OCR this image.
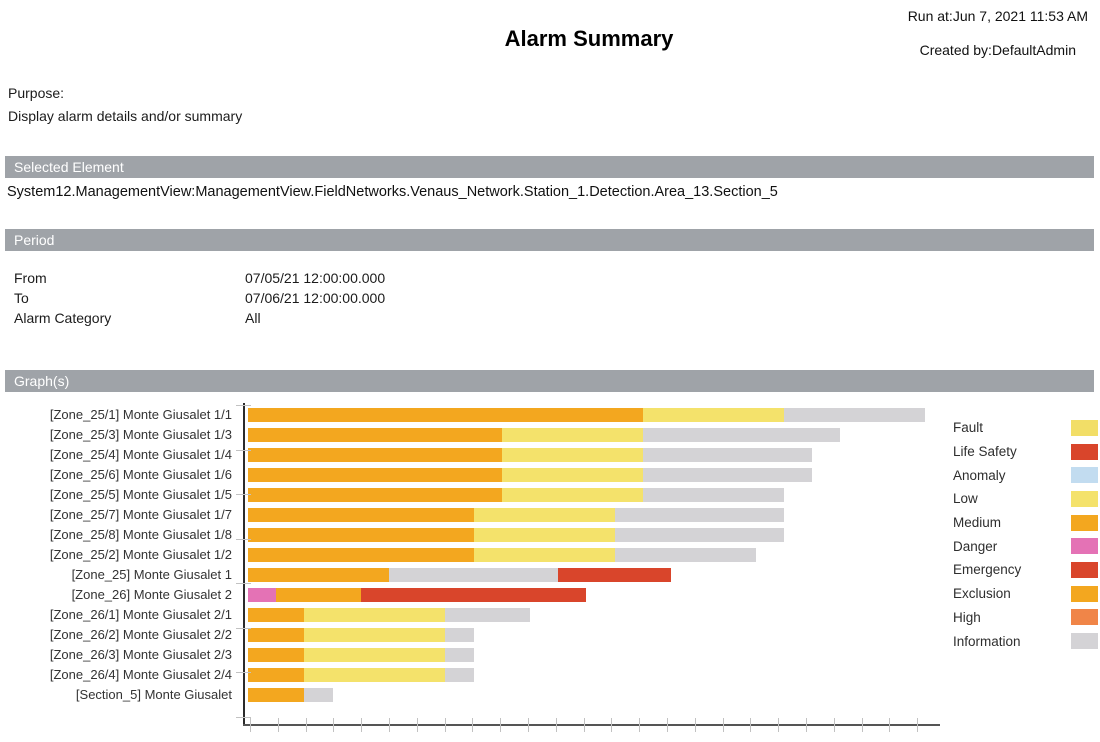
Run at:Jun 7, 2021 11:53 AM
Alarm Summary	Created by:DefaultAdmin
Purpose:
Display alarm details and/or summary
Selected Element
System12.ManagementView:ManagementView.FieldNetworks.Venaus_Network.Station_1.Detection.Area_13.Section_5
Period
From	07/05/21 12:00:00.000
To	07/06/21 12:00:00.000
Alarm Category	All
Graph(s)
[Zone_25/1] Monte Giusalet 1/1
[Zone_25/3] Monte Giusalet 1/3
[Zone_25/4] Monte Giusalet 1/4
[Zone_25/6] Monte Giusalet 1/6
[Zone_25/5] Monte Giusalet 1/5
[Zone_25/7] Monte Giusalet 1/7
[Zone_25/8] Monte Giusalet 1/8
[Zone_25/2] Monte Giusalet 1/2
[Zone_25] Monte Giusalet 1
[Zone_26] Monte Giusalet 2
[Zone_26/1] Monte Giusalet 2/1
[Zone_26/2] Monte Giusalet 2/2
[Zone_26/3] Monte Giusalet 2/3
[Zone_26/4] Monte Giusalet 2/4
[Section_5] Monte Giusalet
Fault
Life Safety
Anomaly
Low
Medium
Danger
Emergency
Exclusion
High
Information
